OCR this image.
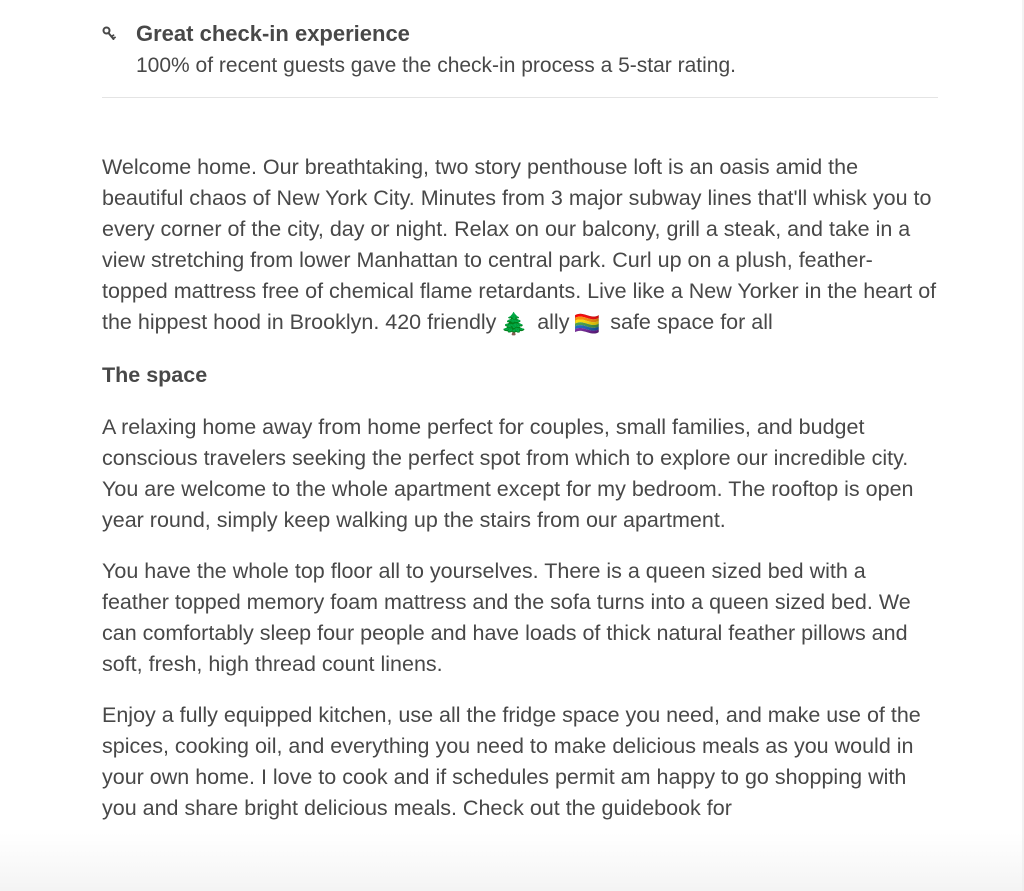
Great check-in experience
100% of recent guests gave the check-in process a 5-star rating.

Welcome home. Our breathtaking, two story penthouse loft is an oasis amid the beautiful chaos of New York City. Minutes from 3 major subway lines that'll whisk you to every corner of the city, day or night. Relax on our balcony, grill a steak, and take in a view stretching from lower Manhattan to central park. Curl up on a plush, feather-topped mattress free of chemical flame retardants. Live like a New Yorker in the heart of the hippest hood in Brooklyn. 420 friendly 🌲 ally 🏳️‍🌈 safe space for all

The space

A relaxing home away from home perfect for couples, small families, and budget conscious travelers seeking the perfect spot from which to explore our incredible city. You are welcome to the whole apartment except for my bedroom. The rooftop is open year round, simply keep walking up the stairs from our apartment.

You have the whole top floor all to yourselves. There is a queen sized bed with a feather topped memory foam mattress and the sofa turns into a queen sized bed. We can comfortably sleep four people and have loads of thick natural feather pillows and soft, fresh, high thread count linens.

Enjoy a fully equipped kitchen, use all the fridge space you need, and make use of the spices, cooking oil, and everything you need to make delicious meals as you would in your own home. I love to cook and if schedules permit am happy to go shopping with you and share bright delicious meals. Check out the guidebook for
